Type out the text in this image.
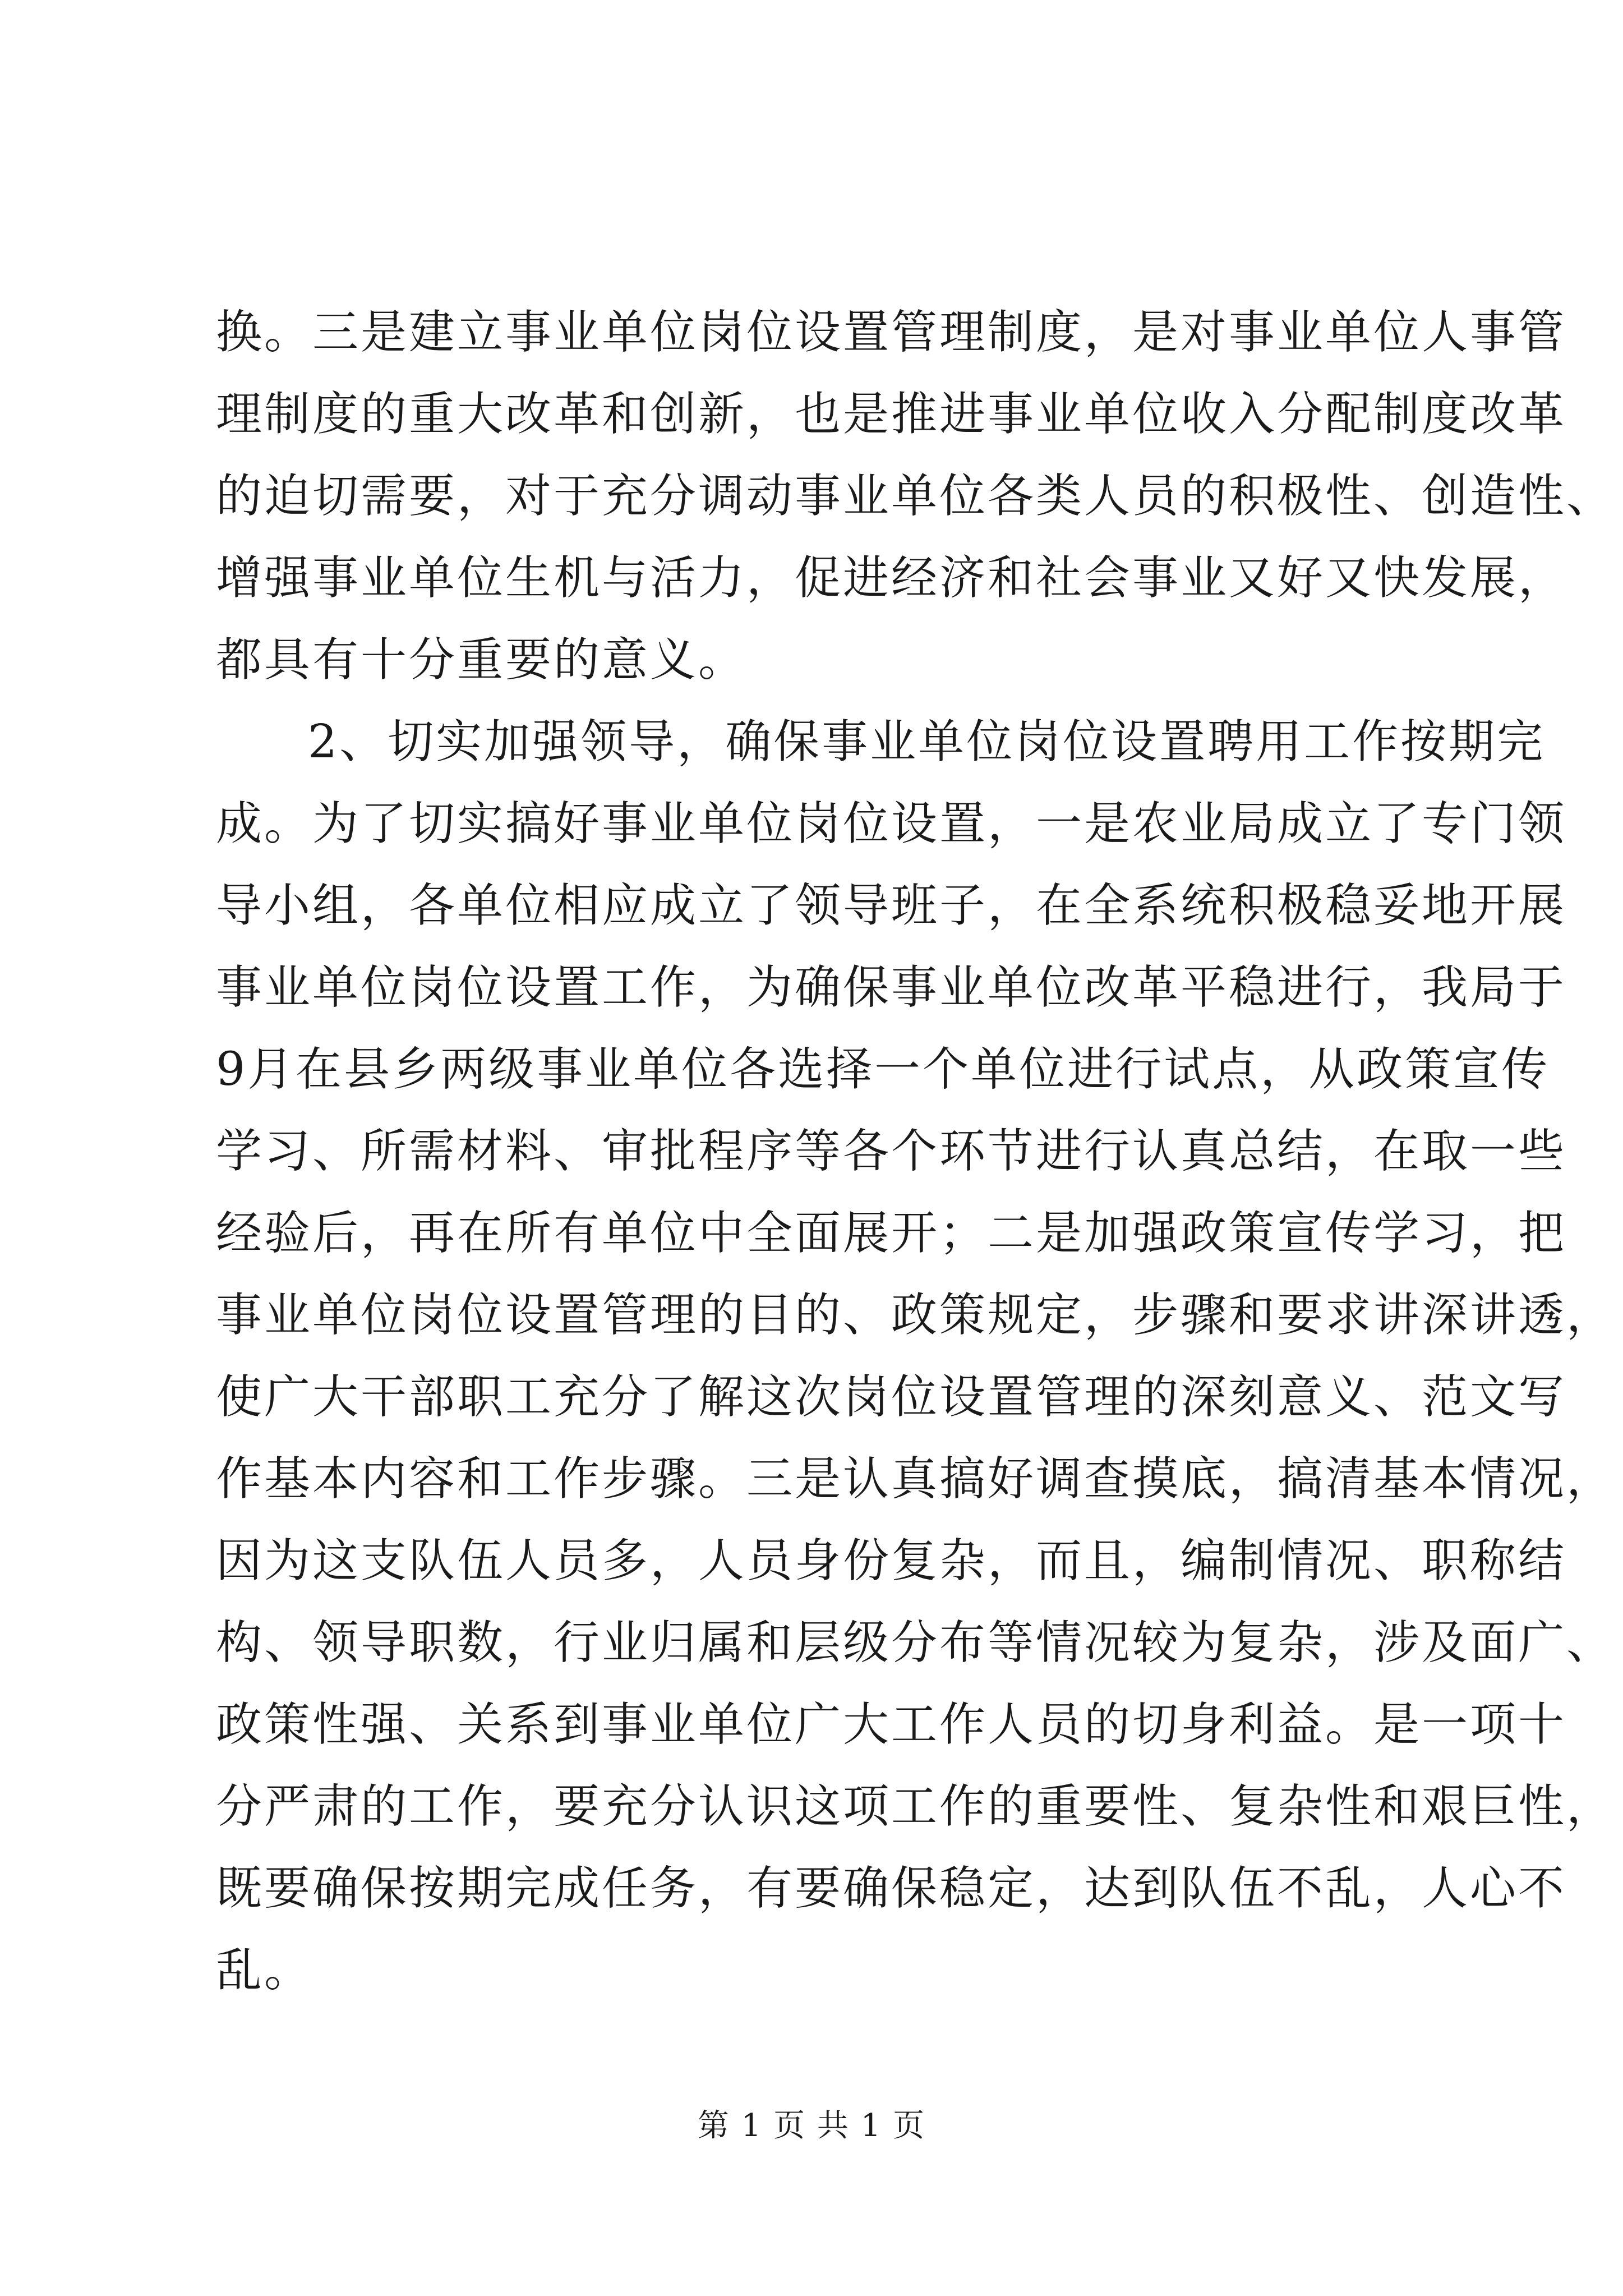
换。三是建立事业单位岗位设置管理制度，是对事业单位人事管
理制度的重大改革和创新，也是推进事业单位收入分配制度改革
的迫切需要，对于充分调动事业单位各类人员的积极性、创造性、
增强事业单位生机与活力，促进经济和社会事业又好又快发展，
都具有十分重要的意义。
2、切实加强领导，确保事业单位岗位设置聘用工作按期完
成。为了切实搞好事业单位岗位设置，一是农业局成立了专门领
导小组，各单位相应成立了领导班子，在全系统积极稳妥地开展
事业单位岗位设置工作，为确保事业单位改革平稳进行，我局于
9月在县乡两级事业单位各选择一个单位进行试点，从政策宣传
学习、所需材料、审批程序等各个环节进行认真总结，在取一些
经验后，再在所有单位中全面展开；二是加强政策宣传学习，把
事业单位岗位设置管理的目的、政策规定，步骤和要求讲深讲透，
使广大干部职工充分了解这次岗位设置管理的深刻意义、范文写
作基本内容和工作步骤。三是认真搞好调查摸底，搞清基本情况，
因为这支队伍人员多，人员身份复杂，而且，编制情况、职称结
构、领导职数，行业归属和层级分布等情况较为复杂，涉及面广、
政策性强、关系到事业单位广大工作人员的切身利益。是一项十
分严肃的工作，要充分认识这项工作的重要性、复杂性和艰巨性，
既要确保按期完成任务，有要确保稳定，达到队伍不乱，人心不
乱。
第 1 页 共 1 页
